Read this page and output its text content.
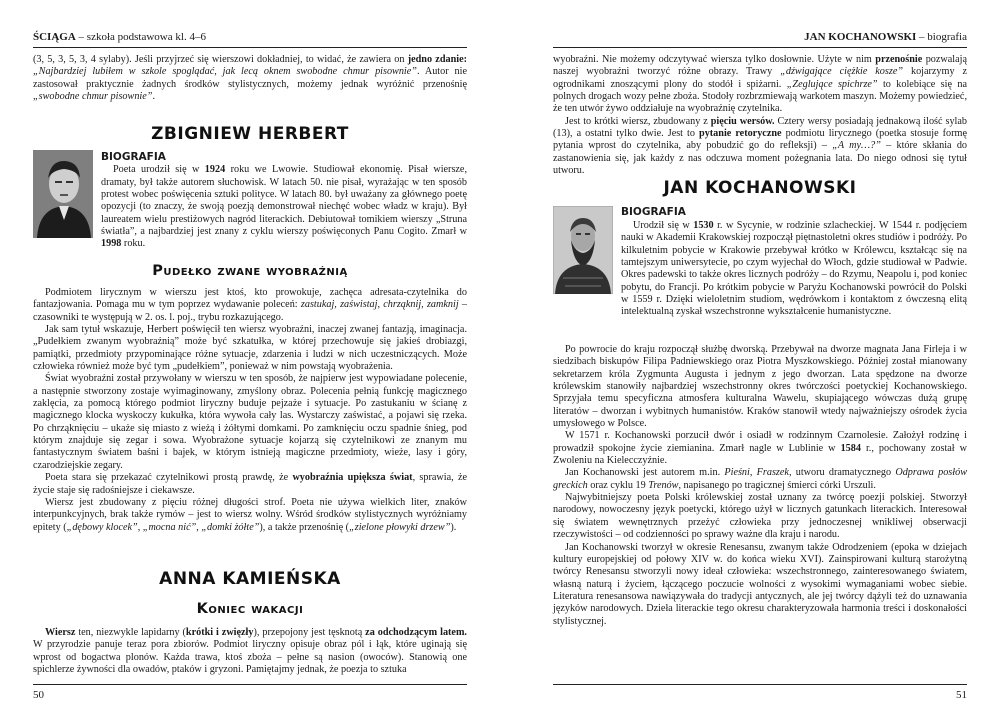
ŚCIĄGA – szkoła podstawowa kl. 4–6

(3, 5, 3, 5, 3, 4 sylaby). Jeśli przyjrzeć się wierszowi dokładniej, to widać, że zawiera on jedno zdanie: „Najbardziej lubiłem w szkole spoglądać, jak lecą oknem swobodne chmur pisownie”. Autor nie zastosował praktycznie żadnych środków stylistycznych, możemy jednak wyróżnić przenośnię „swobodne chmur pisownie”.

ZBIGNIEW HERBERT
BIOGRAFIA

Poeta urodził się w 1924 roku we Lwowie. Studiował ekonomię. Pisał wiersze, dramaty, był także autorem słuchowisk. W latach 50. nie pisał, wyrażając w ten sposób protest wobec poświęcenia sztuki polityce. W latach 80. był uważany za głównego poetę opozycji (to znaczy, że swoją poezją demonstrował niechęć wobec władz w kraju). Był laureatem wielu prestiżowych nagród literackich. Debiutował tomikiem wierszy „Struna światła”, a najbardziej jest znany z cyklu wierszy poświęconych Panu Cogito. Zmarł w 1998 roku.

Pudełko zwane wyobraźnią

Podmiotem lirycznym w wierszu jest ktoś, kto prowokuje, zachęca adresata-czytelnika do fantazjowania. Pomaga mu w tym poprzez wydawanie poleceń: zastukaj, zaświstaj, chrząknij, zamknij – czasowniki te występują w 2. os. l. poj., trybu rozkazującego.

Jak sam tytuł wskazuje, Herbert poświęcił ten wiersz wyobraźni, inaczej zwanej fantazją, imaginacja. „Pudełkiem zwanym wyobraźnią” może być szkatułka, w której przechowuje się jakieś drobiazgi, pamiątki, przedmioty przypominające różne sytuacje, zdarzenia i ludzi w nich uczestniczących. Może człowieka również może być tym „pudełkiem”, ponieważ w nim powstają wyobrażenia.

Świat wyobraźni został przywołany w wierszu w ten sposób, że najpierw jest wypowiadane polecenie, a następnie stworzony zostaje wyimaginowany, zmyślony obraz. Polecenia pełnią funkcję magicznego zaklęcia, za pomocą którego podmiot liryczny buduje pejzaże i sytuacje. Po zastukaniu w ścianę z magicznego klocka wyskoczy kukułka, która wywoła cały las. Wystarczy zaświstać, a pojawi się rzeka. Po chrząknięciu – ukaże się miasto z wieżą i żółtymi domkami. Po zamknięciu oczu spadnie śnieg, pod którym znajduje się zegar i sowa. Wyobrażone sytuacje kojarzą się czytelnikowi ze znanym mu fantastycznym światem baśni i bajek, w którym istnieją magiczne przedmioty, wieże, lasy i góry, czarodziejskie zegary.

Poeta stara się przekazać czytelnikowi prostą prawdę, że wyobraźnia upiększa świat, sprawia, że życie staje się radośniejsze i ciekawsze.

Wiersz jest zbudowany z pięciu różnej długości strof. Poeta nie używa wielkich liter, znaków interpunkcyjnych, brak także rymów – jest to wiersz wolny. Wśród środków stylistycznych wyróżniamy epitety („dębowy klocek”, „mocna nić”, „domki żółte”), a także przenośnię („zielone płowyki drzew”).

ANNA KAMIEŃSKA
Koniec wakacji

Wiersz ten, niezwykle lapidarny (krótki i zwięzły), przepojony jest tęsknotą za odchodzącym latem. W przyrodzie panuje teraz pora zbiorów. Podmiot liryczny opisuje obraz pól i łąk, które uginają się wprost od bogactwa plonów. Każda trawa, ktoś zboża – pełne są nasion (owoców). Stanowią one spichlerze żywności dla owadów, ptaków i gryzoni. Pamiętajmy jednak, że poezja to sztuka

50
JAN KOCHANOWSKI – biografia

wyobraźni. Nie możemy odczytywać wiersza tylko dosłownie. Użyte w nim przenośnie pozwalają naszej wyobraźni tworzyć różne obrazy. Trawy „dźwigające ciężkie kosze” kojarzymy z ogrodnikami znoszącymi plony do stodół i spiżarni. „Zeglujące spichrze” to kolebiące się na polnych drogach wozy pełne zboża. Stodoły rozbrzmiewają warkotem maszyn. Możemy powiedzieć, że ten utwór żywo oddziałuje na wyobraźnię czytelnika.

Jest to krótki wiersz, zbudowany z pięciu wersów. Cztery wersy posiadają jednakową ilość sylab (13), a ostatni tylko dwie. Jest to pytanie retoryczne podmiotu lirycznego (poetka stosuje formę pytania wprost do czytelnika, aby pobudzić go do refleksji) – „A my…?” – które skłania do zastanowienia się, jak każdy z nas odczuwa moment pożegnania lata. Do niego odnosi się tytuł utworu.

JAN KOCHANOWSKI
BIOGRAFIA

Urodził się w 1530 r. w Sycynie, w rodzinie szlacheckiej. W 1544 r. podjęciem nauki w Akademii Krakowskiej rozpoczął piętnastoletni okres studiów i podróży. Po kilkuletnim pobycie w Krakowie przebywał krótko w Królewcu, kształcąc się na tamtejszym uniwersytecie, po czym wyjechał do Włoch, gdzie studiował w Padwie. Okres padewski to także okres licznych podróży – do Rzymu, Neapolu i, pod koniec pobytu, do Francji. Po krótkim pobycie w Paryżu Kochanowski powrócił do Polski w 1559 r. Dzięki wieloletnim studiom, wędrówkom i kontaktom z ówczesną elitą intelektualną zyskał wszechstronne wykształcenie humanistyczne.

Po powrocie do kraju rozpoczął służbę dworską. Przebywał na dworze magnata Jana Firleja i w siedzibach biskupów Filipa Padniewskiego oraz Piotra Myszkowskiego. Później został mianowany sekretarzem króla Zygmunta Augusta i jednym z jego dworzan. Lata spędzone na dworze królewskim stanowiły najbardziej wszechstronny okres twórczości poetyckiej Kochanowskiego. Sprzyjała temu specyficzna atmosfera kulturalna Wawelu, skupiającego wówczas dużą grupę literatów – dworzan i wybitnych humanistów. Kraków stanowił wtedy najważniejszy ośrodek życia umysłowego w Polsce.

W 1571 r. Kochanowski porzucił dwór i osiadł w rodzinnym Czarnolesie. Założył rodzinę i prowadził spokojne życie ziemianina. Zmarł nagle w Lublinie w 1584 r., pochowany został w Zwoleniu na Kielecczyźnie.

Jan Kochanowski jest autorem m.in. Pieśni, Fraszek, utworu dramatycznego Odprawa posłów greckich oraz cyklu 19 Trenów, napisanego po tragicznej śmierci córki Urszuli.

Najwybitniejszy poeta Polski królewskiej został uznany za twórcę poezji polskiej. Stworzył narodowy, nowoczesny język poetycki, którego użył w licznych gatunkach literackich. Interesował się światem wewnętrznych przeżyć człowieka przy jednoczesnej wnikliwej obserwacji rzeczywistości – od codzienności po sprawy ważne dla kraju i narodu.

Jan Kochanowski tworzył w okresie Renesansu, zwanym także Odrodzeniem (epoka w dziejach kultury europejskiej od połowy XIV w. do końca wieku XVI). Zainspirowani kulturą starożytną twórcy Renesansu stworzyli nowy ideał człowieka: wszechstronnego, zainteresowanego światem, własną naturą i życiem, łączącego poczucie wolności z wysokimi wymaganiami wobec siebie. Literatura renesansowa nawiązywała do tradycji antycznych, ale jej twórcy dążyli też do uznawania języków narodowych. Dzieła literackie tego okresu charakteryzowała harmonia treści i doskonałości stylistycznej.

51
